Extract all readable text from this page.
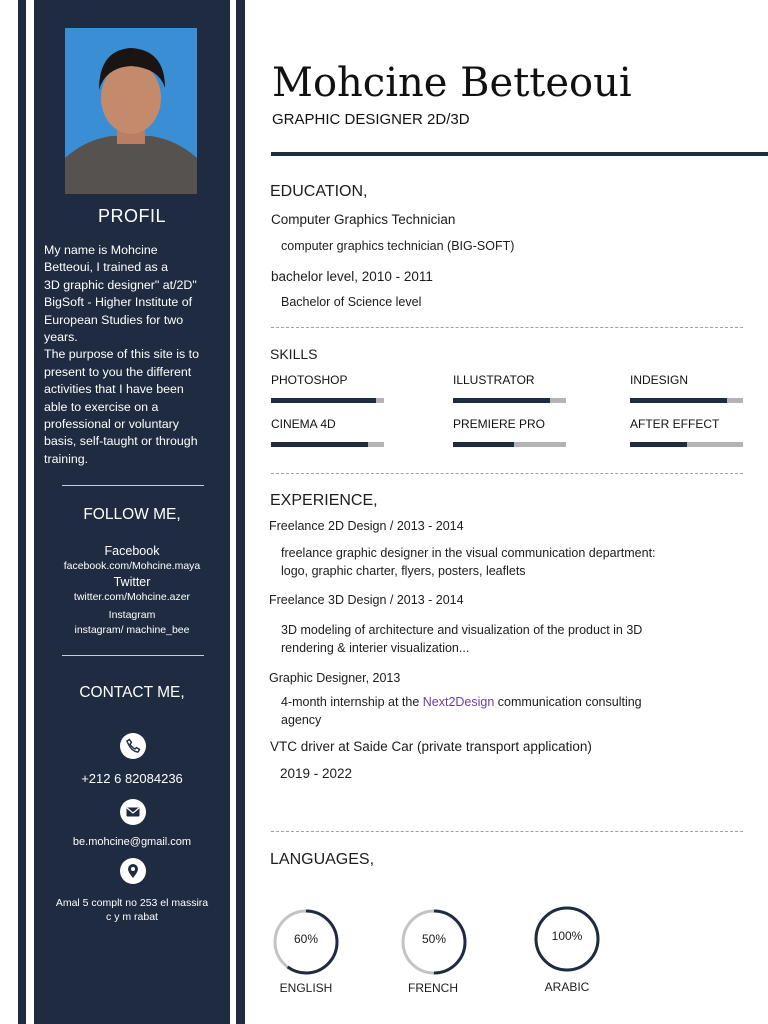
PROFIL
My name is Mohcine
Betteoui, I trained as a
3D graphic designer" at/2D"
BigSoft - Higher Institute of
European Studies for two
years.
The purpose of this site is to
present to you the different
activities that I have been
able to exercise on a
professional or voluntary
basis, self-taught or through
training.
FOLLOW ME,
Facebook
facebook.com/Mohcine.maya
Twitter
twitter.com/Mohcine.azer
Instagram
instagram/ machine_bee
CONTACT ME,
+212 6 82084236
be.mohcine@gmail.com
Amal 5 complt no 253 el massira
c y m rabat
Mohcine Betteoui
GRAPHIC DESIGNER 2D/3D
EDUCATION,
Computer Graphics Technician
computer graphics technician (BIG-SOFT)
bachelor level, 2010 - 2011
Bachelor of Science level
SKILLS
PHOTOSHOP	ILLUSTRATOR	INDESIGN
CINEMA 4D	PREMIERE PRO	AFTER EFFECT
EXPERIENCE,
Freelance 2D Design / 2013 - 2014
freelance graphic designer in the visual communication department:
logo, graphic charter, flyers, posters, leaflets
Freelance 3D Design / 2013 - 2014
3D modeling of architecture and visualization of the product in 3D
rendering & interier visualization...
Graphic Designer, 2013
4-month internship at the Next2Design communication consulting
agency
VTC driver at Saide Car (private transport application)
2019 - 2022
LANGUAGES,
60%
ENGLISH
50%
FRENCH
100%
ARABIC
